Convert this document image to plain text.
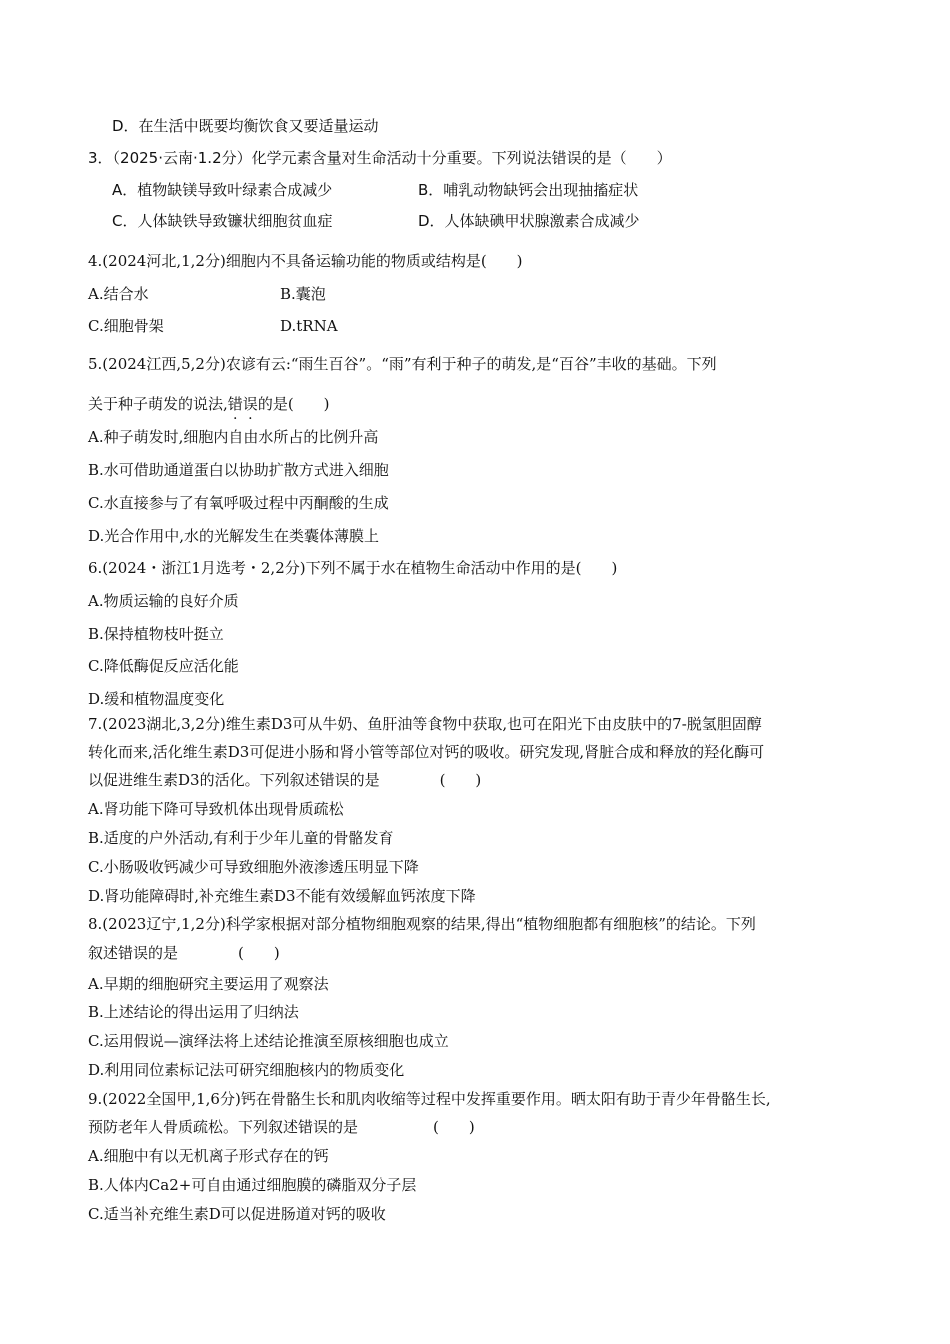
D．在生活中既要均衡饮食又要适量运动
3．（2025·云南·1.2分）化学元素含量对生命活动十分重要。下列说法错误的是（　　）
A．植物缺镁导致叶绿素合成减少	B．哺乳动物缺钙会出现抽搐症状
C．人体缺铁导致镰状细胞贫血症	D．人体缺碘甲状腺激素合成减少
4.(2024河北,1,2分)细胞内不具备运输功能的物质或结构是(　　)
A.结合水	B.囊泡
C.细胞骨架	D.tRNA
5.(2024江西,5,2分)农谚有云:“雨生百谷”。“雨”有利于种子的萌发,是“百谷”丰收的基础。下列
关于种子萌发的说法,错误的是(　　)
A.种子萌发时,细胞内自由水所占的比例升高
B.水可借助通道蛋白以协助扩散方式进入细胞
C.水直接参与了有氧呼吸过程中丙酮酸的生成
D.光合作用中,水的光解发生在类囊体薄膜上
6.(2024・浙江1月选考・2,2分)下列不属于水在植物生命活动中作用的是(　　)
A.物质运输的良好介质
B.保持植物枝叶挺立
C.降低酶促反应活化能
D.缓和植物温度变化
7.(2023湖北,3,2分)维生素D3可从牛奶、鱼肝油等食物中获取,也可在阳光下由皮肤中的7-脱氢胆固醇
转化而来,活化维生素D3可促进小肠和肾小管等部位对钙的吸收。研究发现,肾脏合成和释放的羟化酶可
以促进维生素D3的活化。下列叙述错误的是　　　　(　　)
A.肾功能下降可导致机体出现骨质疏松
B.适度的户外活动,有利于少年儿童的骨骼发育
C.小肠吸收钙减少可导致细胞外液渗透压明显下降
D.肾功能障碍时,补充维生素D3不能有效缓解血钙浓度下降
8.(2023辽宁,1,2分)科学家根据对部分植物细胞观察的结果,得出“植物细胞都有细胞核”的结论。下列
叙述错误的是　　　　(　　)
A.早期的细胞研究主要运用了观察法
B.上述结论的得出运用了归纳法
C.运用假说—演绎法将上述结论推演至原核细胞也成立
D.利用同位素标记法可研究细胞核内的物质变化
9.(2022全国甲,1,6分)钙在骨骼生长和肌肉收缩等过程中发挥重要作用。晒太阳有助于青少年骨骼生长,
预防老年人骨质疏松。下列叙述错误的是　　　　　(　　)
A.细胞中有以无机离子形式存在的钙
B.人体内Ca2+可自由通过细胞膜的磷脂双分子层
C.适当补充维生素D可以促进肠道对钙的吸收
